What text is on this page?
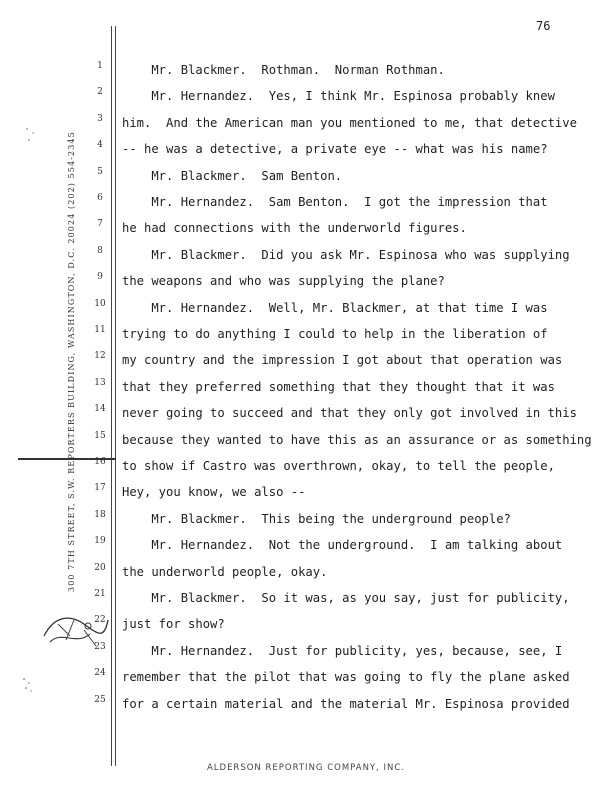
76
300 7TH STREET, S.W. REPORTERS BUILDING, WASHINGTON, D.C. 20024 (202) 554-2345
1	Mr. Blackmer.  Rothman.  Norman Rothman.
2	Mr. Hernandez.  Yes, I think Mr. Espinosa probably knew
3	him.  And the American man you mentioned to me, that detective
4	-- he was a detective, a private eye -- what was his name?
5	Mr. Blackmer.  Sam Benton.
6	Mr. Hernandez.  Sam Benton.  I got the impression that
7	he had connections with the underworld figures.
8	Mr. Blackmer.  Did you ask Mr. Espinosa who was supplying
9	the weapons and who was supplying the plane?
10 Mr. Hernandez.  Well, Mr. Blackmer, at that time I was
11 trying to do anything I could to help in the liberation of
12 my country and the impression I got about that operation was
13 that they preferred something that they thought that it was
14 never going to succeed and that they only got involved in this
15 because they wanted to have this as an assurance or as something
16 to show if Castro was overthrown, okay, to tell the people,
17 Hey, you know, we also --
18 Mr. Blackmer.  This being the underground people?
19 Mr. Hernandez.  Not the underground.  I am talking about
20 the underworld people, okay.
21 Mr. Blackmer.  So it was, as you say, just for publicity,
22 just for show?
23 Mr. Hernandez.  Just for publicity, yes, because, see, I
24 remember that the pilot that was going to fly the plane asked
25 for a certain material and the material Mr. Espinosa provided
ALDERSON REPORTING COMPANY, INC.
